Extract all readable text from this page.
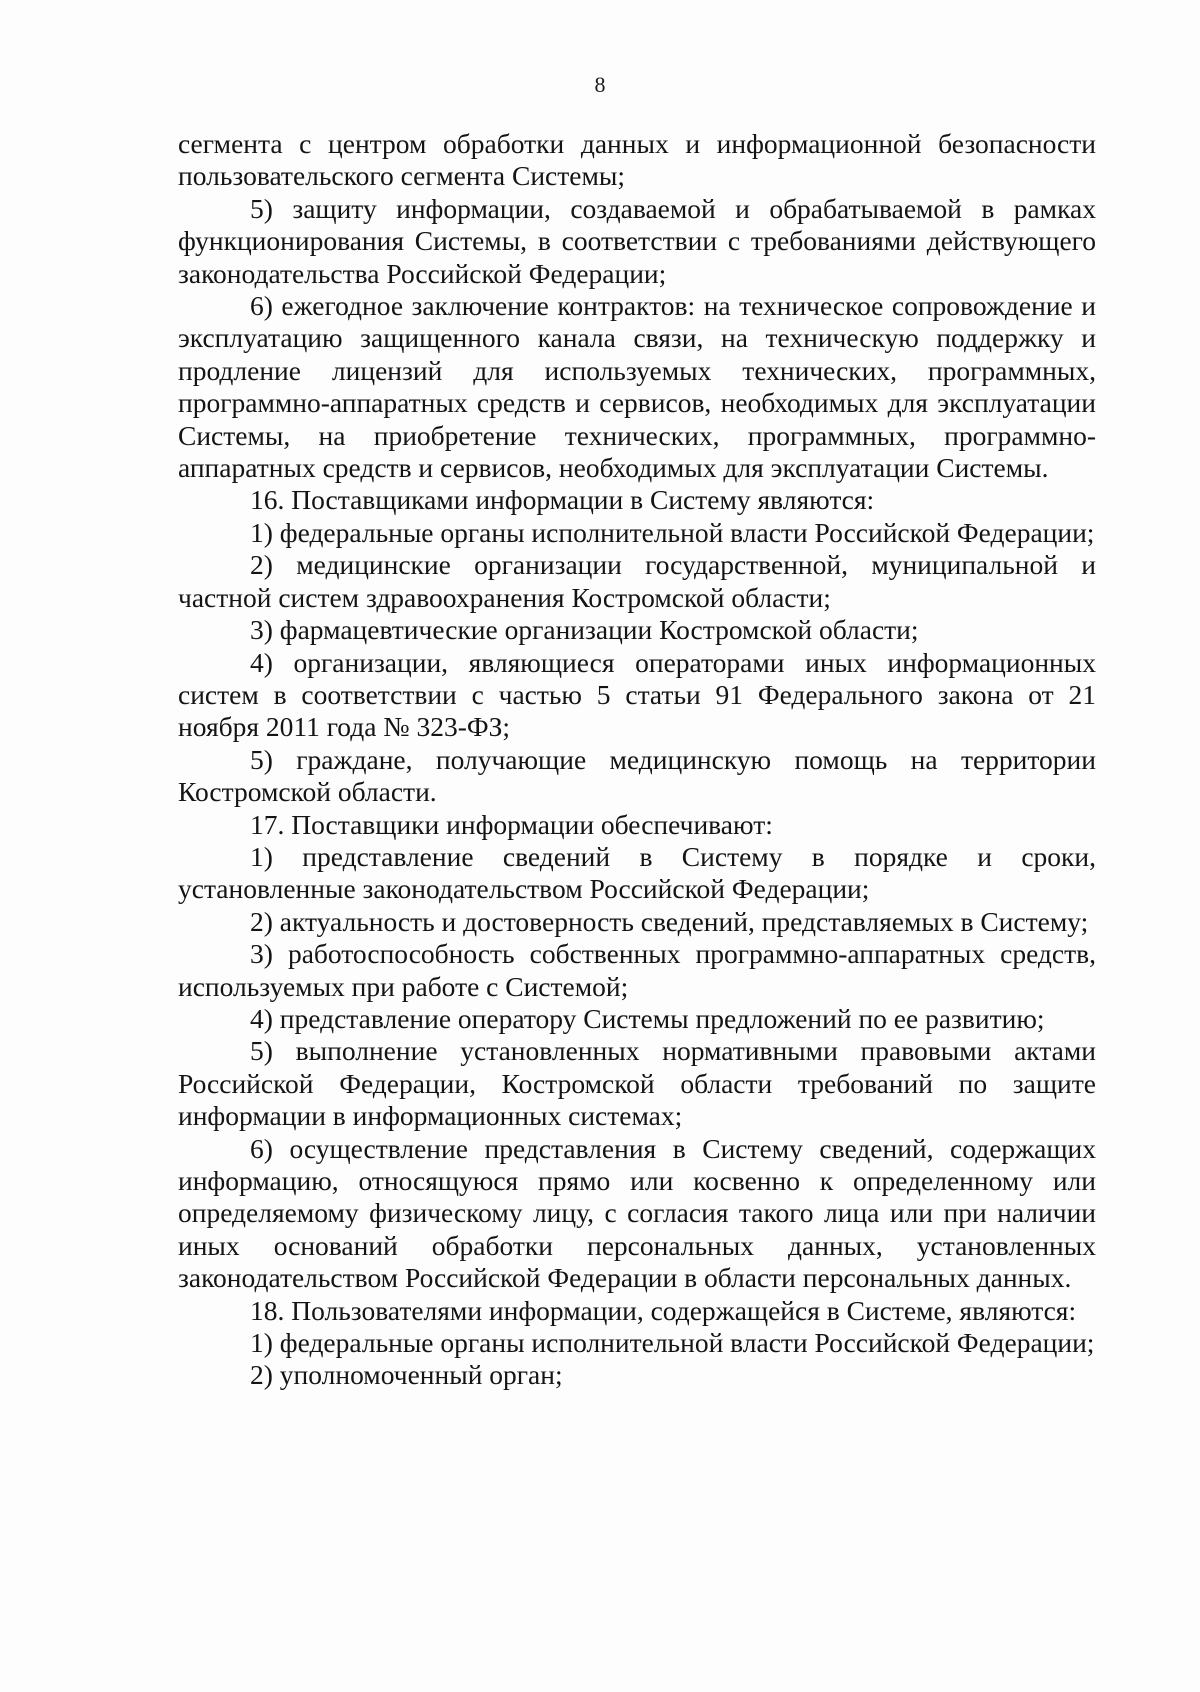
8

сегмента с центром обработки данных и информационной безопасности пользовательского сегмента Системы;

5) защиту информации, создаваемой и обрабатываемой в рамках функционирования Системы, в соответствии с требованиями действующего законодательства Российской Федерации;

6) ежегодное заключение контрактов: на техническое сопровождение и эксплуатацию защищенного канала связи, на техническую поддержку и продление лицензий для используемых технических, программных, программно-аппаратных средств и сервисов, необходимых для эксплуатации Системы, на приобретение технических, программных, программно-аппаратных средств и сервисов, необходимых для эксплуатации Системы.

16. Поставщиками информации в Систему являются:

1) федеральные органы исполнительной власти Российской Федерации;

2) медицинские организации государственной, муниципальной и частной систем здравоохранения Костромской области;

3) фармацевтические организации Костромской области;

4) организации, являющиеся операторами иных информационных систем в соответствии с частью 5 статьи 91 Федерального закона от 21 ноября 2011 года № 323-ФЗ;

5) граждане, получающие медицинскую помощь на территории Костромской области.

17. Поставщики информации обеспечивают:

1) представление сведений в Систему в порядке и сроки, установленные законодательством Российской Федерации;

2) актуальность и достоверность сведений, представляемых в Систему;

3) работоспособность собственных программно-аппаратных средств, используемых при работе с Системой;

4) представление оператору Системы предложений по ее развитию;

5) выполнение установленных нормативными правовыми актами Российской Федерации, Костромской области требований по защите информации в информационных системах;

6) осуществление представления в Систему сведений, содержащих информацию, относящуюся прямо или косвенно к определенному или определяемому физическому лицу, с согласия такого лица или при наличии иных оснований обработки персональных данных, установленных законодательством Российской Федерации в области персональных данных.

18. Пользователями информации, содержащейся в Системе, являются:

1) федеральные органы исполнительной власти Российской Федерации;

2) уполномоченный орган;
